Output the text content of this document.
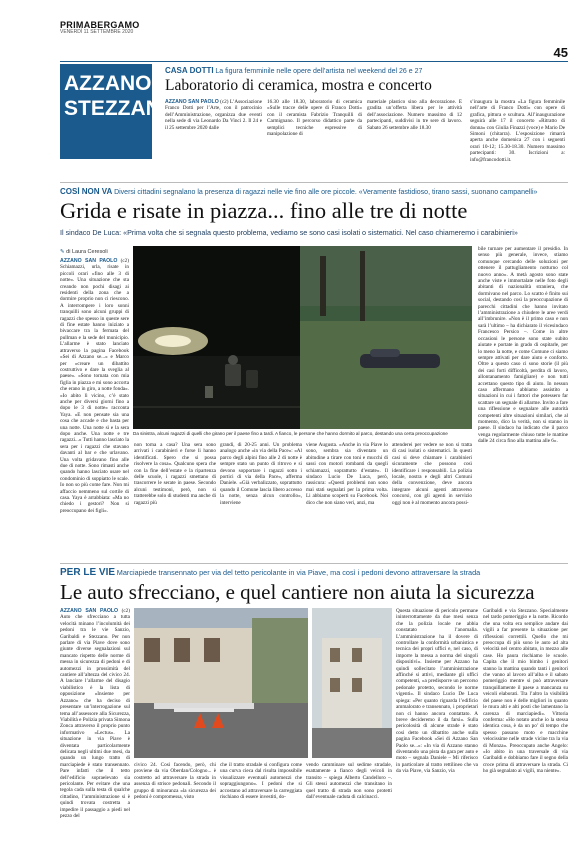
PRIMABERGAMO
VENERDÌ 11 SETTEMBRE 2020
45
AZZANO
STEZZANO
CASA DOTTI La figura femminile nelle opere dell’artista nel weekend del 26 e 27
Laboratorio di ceramica, mostra e concerto
AZZANO SAN PAOLO (c2) L’Associazione Franco Dotti per l’Arte, con il patrocinio dell’Amministrazione, organizza due eventi nella sede di via Leonardo Da Vinci 2. Il 24 e il 25 settembre 2020 dalle
16.30 alle 18.30, laboratorio di ceramica «Sulle tracce delle opere di Franco Dotti» con il ceramista Fabrizio Tranquilli di Carmignano. Il percorso didattico parte da semplici tecniche espressive di manipolazione di
materiale plastico sino alla decorazione. È gradita un’offerta libera per le attività dell’associazione. Numero massimo di 12 partecipanti, suddivisi in tre sere di lavoro. Sabato 26 settembre alle 18.30
s’inaugura la mostra «La figura femminile nell’arte di Franco Dotti» con opere di grafica, pittura e scultura. All’inaugurazione seguirà alle 17 il concerto «Ritratto di donna» con Giulia Finazzi (voce) e Mario De Simoni (chitarra). L’esposizione rimarrà aperta anche domenica 27 con i seguenti orari 10-12; 15.30-18.30. Numero massimo partecipanti: 30. Iscrizioni a: info@francodotti.it.
COSÌ NON VA Diversi cittadini segnalano la presenza di ragazzi nelle vie fino alle ore piccole. «Veramente fastidioso, tirano sassi, suonano campanelli»
Grida e risate in piazza... fino alle tre di notte
Il sindaco De Luca: «Prima volta che si segnala questo problema, vediamo se sono casi isolati o sistematici. Nel caso chiameremo i carabinieri»
✎ di Laura Ceresoli
AZZANO SAN PAOLO (c2) Schiamazzi, urla, risate in piccoli orari «fino alle 3 di notte». Una situazione che sta creando non pochi disagi ai residenti della zona che a dormire proprio non ci riescono. A interrompere i loro sonni tranquilli sono alcuni gruppi di ragazzi che spesso in queste sere di fine estate hanno iniziato a bivaccare tra la fermata del pullman e la sede del municipio. L’allarme è stato lanciato attraverso la pagina Facebook «Sei di Azzano se...» e Marco per «creare un dibattito costruttivo e dare la sveglia al paese». «Sono tornata con mia figlia in piazza e mi sono accorta che erano in giro, a notte fonda». «Io abito lì vicino, c’è stato anche per diversi giorni fino a dopo le 3 di notte» racconta Yaya. «E non pensate sia una cosa che accade e che basta per una notte. Una notte sì e la sera dopo anche. Una notte e tre ragazzi...» Tutti hanno lasciato la sera per i ragazzi che stavano davanti al bar e che urlavano. Una volta gridavano fino alle due di notte. Sono rimasti anche quando hanno lasciato usare nel condominio di soppiatto le scale. Io non so più come fare. Non mi affaccio nemmeno sul cortile di casa. Yaya è arrabbiata: «Ma no chiedo i gestori? Non si preoccupano dei figli».
Da sinistra, alcuni ragazzi di quelli che girano per il paese fino a tardi. A fianco, le persone che hanno dormito al parco, destando una certa preoccupazione
non torna a casa? Una sera sono arrivati i carabinieri e forse li hanno identificati. Spero che si possa risolvere la cosa». Qualcuno spera che con la fine dell’estate e la ripartenza delle scuole, i ragazzi smettano di trascorrere le serate in paese. Secondo alcuni testimoni, però, non si tratterebbe solo di studenti ma anche di ragazzi più
grandi, di 20-25 anni. Un problema analogo anche «in via della Pace»: «Al parco degli alpini fino alle 2 di notte è sempre stato un punto di ritrovo e si devono sopportare i ragazzi sotto i portici di via della Pace», afferma Daniele. «Già verbalizzato, soprattutto quando il Comune lascia libero accesso la notte, senza alcun controllo», interviene
viene Augusta. «Anche in via Piave lo sono, sembra sia diventato un abitudine a tirare con toni e mucchi di sassi con motori rombanti da quegli schiamazzi, soprattutto d’estate». Il sindaco Lucio De Luca, però, rassicura: «Questi problemi non sono mai stati segnalati per la prima volta. Li abbiamo scoperti su Facebook. Noi dico che non siano veri, anzi, ma
attenderei per vedere se non si tratta di casi isolati o sistematici. In questi casi si deve chiamare i carabinieri sicuramente che possono così identificare i responsabili. La polizia locale, nostra e degli altri Comuni della convenzione, deve ancora integrare alcuni agenti attraverso concorsi, con gli agenti in servizio oggi non è al momento ancora possi-
bile turnare per aumentare il presidio. In senso più generale, invece, stiamo comunque cercando delle soluzioni per ottenere il pattugliamento notturno col nuovo anno». A metà agosto sono state anche viste e immortalate nelle foto degli abitanti di nazionalità straniera, che dormivano nel parco. Lo scatto è finito sui social, destando così la preoccupazione di parecchi cittadini che hanno invitato l’amministrazione a chiudere le aree verdi all’imbrunire. «Non è il primo caso e non sarà l’ultimo – ha dichiarato il vicesindaco Francesco Persico –. Come in altre occasioni le persone sono state subito aiutate e portate in grado di ospitarle, per lo meno la notte, e come Comune ci siamo sempre attivati per dare aiuto e conforto. Oltre a questo caso ci sono storie (il più dei casi forti difficoltà, perdita di lavoro, allontanamento famigliare) e non tutti accettano questo tipo di aiuto. In nessun caso affermano abbiamo assistito a situazioni in cui i fattori che potessero far scattare un segnale di allarme. Invito a fare una riflessione e segnalare alle autorità competenti altre situazioni similari, che al momento, dico la verità, non si stanno in paese. Il sindaco ha indicato che il parco venga regolarmente chiuso tutte le mattine dalle 24 circa fino alla mattina alle 6».
PER LE VIE Marciapiede transennato per via del tetto pericolante in via Piave, ma così i pedoni devono attraversare la strada
Le auto sfrecciano, e quel cantiere non aiuta la sicurezza
AZZANO SAN PAOLO (c2) Auto che sfrecciano a tutta velocità minano l’incolumità dei pedoni tra le vie Sanzio, Garibaldi e Stezzano. Per non parlare di via Piave dove sono giunte diverse segnalazioni sul mancato rispetto delle norme di messa in sicurezza di pedoni e di automezzi in prossimità del cantiere all’altezza del civico 24. A lanciare l’allarme del disagio viabilistico è la lista di opposizione «Insieme per Azzano» che ha deciso di presentare un’interrogazione sul tema all’assessore alla Sicurezza, Viabilità e Polizia privata Simona Zonca attraverso il proprio punto informativo «Lectus». La situazione in via Piave è diventata particolarmente delicata negli ultimi due mesi, da quando un lungo tratto di marciapiede è stato transennato. Pare infatti che il tetto dell’edificio sopraelevato sia pericolante. Per evitare che una tegola cada sulla testa di qualche cittadino, l’amministrazione si è quindi trovata costretta a impedire il passaggio a piedi nel pezzo del
civico 24. Così facendo, però, chi proviene da via Oberdan/Cologno... è costretto ad attraversare la strada in assenza di strisce pedonali. Secondo il gruppo di minoranza «la sicurezza dei pedoni è compromessa, visto
che il tratto stradale si configura come una curva cieca dal risulta impossibile visualizzare eventuali automezzi che sopraggiungono». I pedoni che si accostano ad attraversare la carreggiata rischiano di essere investiti, do-
vendo camminare sul sedime stradale, esattamente a fianco degli veicoli in transito – spiega Alberto Candelloro –. Gli stessi automezzi che transitano in quel tratto di strada non sono protetti dall’eventuale caduta di calcinacci.
Questa situazione di pericolo permane ininterrottamente da due mesi senza che la polizia locale ne abbia constatato l’anomalia. L’amministrazione ha il dovere di controllare la conformità urbanistica e tecnica dei propri uffici e, nel caso, di imporre la messa a norma del singoli dispositivi». Insieme per Azzano ha quindi sollecitato l’amministrazione affinché si attivi, mediante gli uffici competenti, «a predisporre un percorso pedonale protetto, secondo le norme vigenti». Il sindaco Lucio De Luca spiega: «Per quanto riguarda l’edificio ammalorato e transennato, i proprietari non ci hanno ancora contattato. A breve decideremo il da farsi». Sulla pericolosità di alcune strade è stato così detto un dibattito anche sulla pagina Facebook «Sei di Azzano San Paolo se...»: «In via di Azzano stanno diventando una pista da gara per auto e moto – segnala Daniele – Mi riferisco in particolare al tratto rettilineo che va da via Piave, via Sanzio, via
Garibaldi e via Stezzano. Specialmente nel tardo pomeriggio e la notte. Ricordo che una volta era semplice andare dai vigili a far presente la situazione per riflessioni correttili. Quello che mi preoccupa di più sono le auto ad alta velocità nel centro abitato, in mezzo alle case. Ho paura rischiamo le scuole. Capita che il mio bimbo i genitori stanno la mattina quando tanti i genitori che vanno al lavoro all’alba e il sabato pomeriggio mentre si può attraversare tranquillamente il paese a mancanza su veicoli elaborati. Tra l’altro la visibilità del paese non è delle migliori in quanto le mura alti e alti posti che lamentano la carenza di marciapiedi». Vittoria conferma: «Ho notato anche io la stessa identica cosa, è da un po’ di tempo che spesso passano moto e macchine velocissime nelle strade vicine tra la via di Monza». Preoccupato anche Angelo: «Io abito in una traversale di via Garibaldi e dobbiamo fare il segno della croce prima di attraversare la strada. Ci ho già segnalato ai vigili, ma niente».
